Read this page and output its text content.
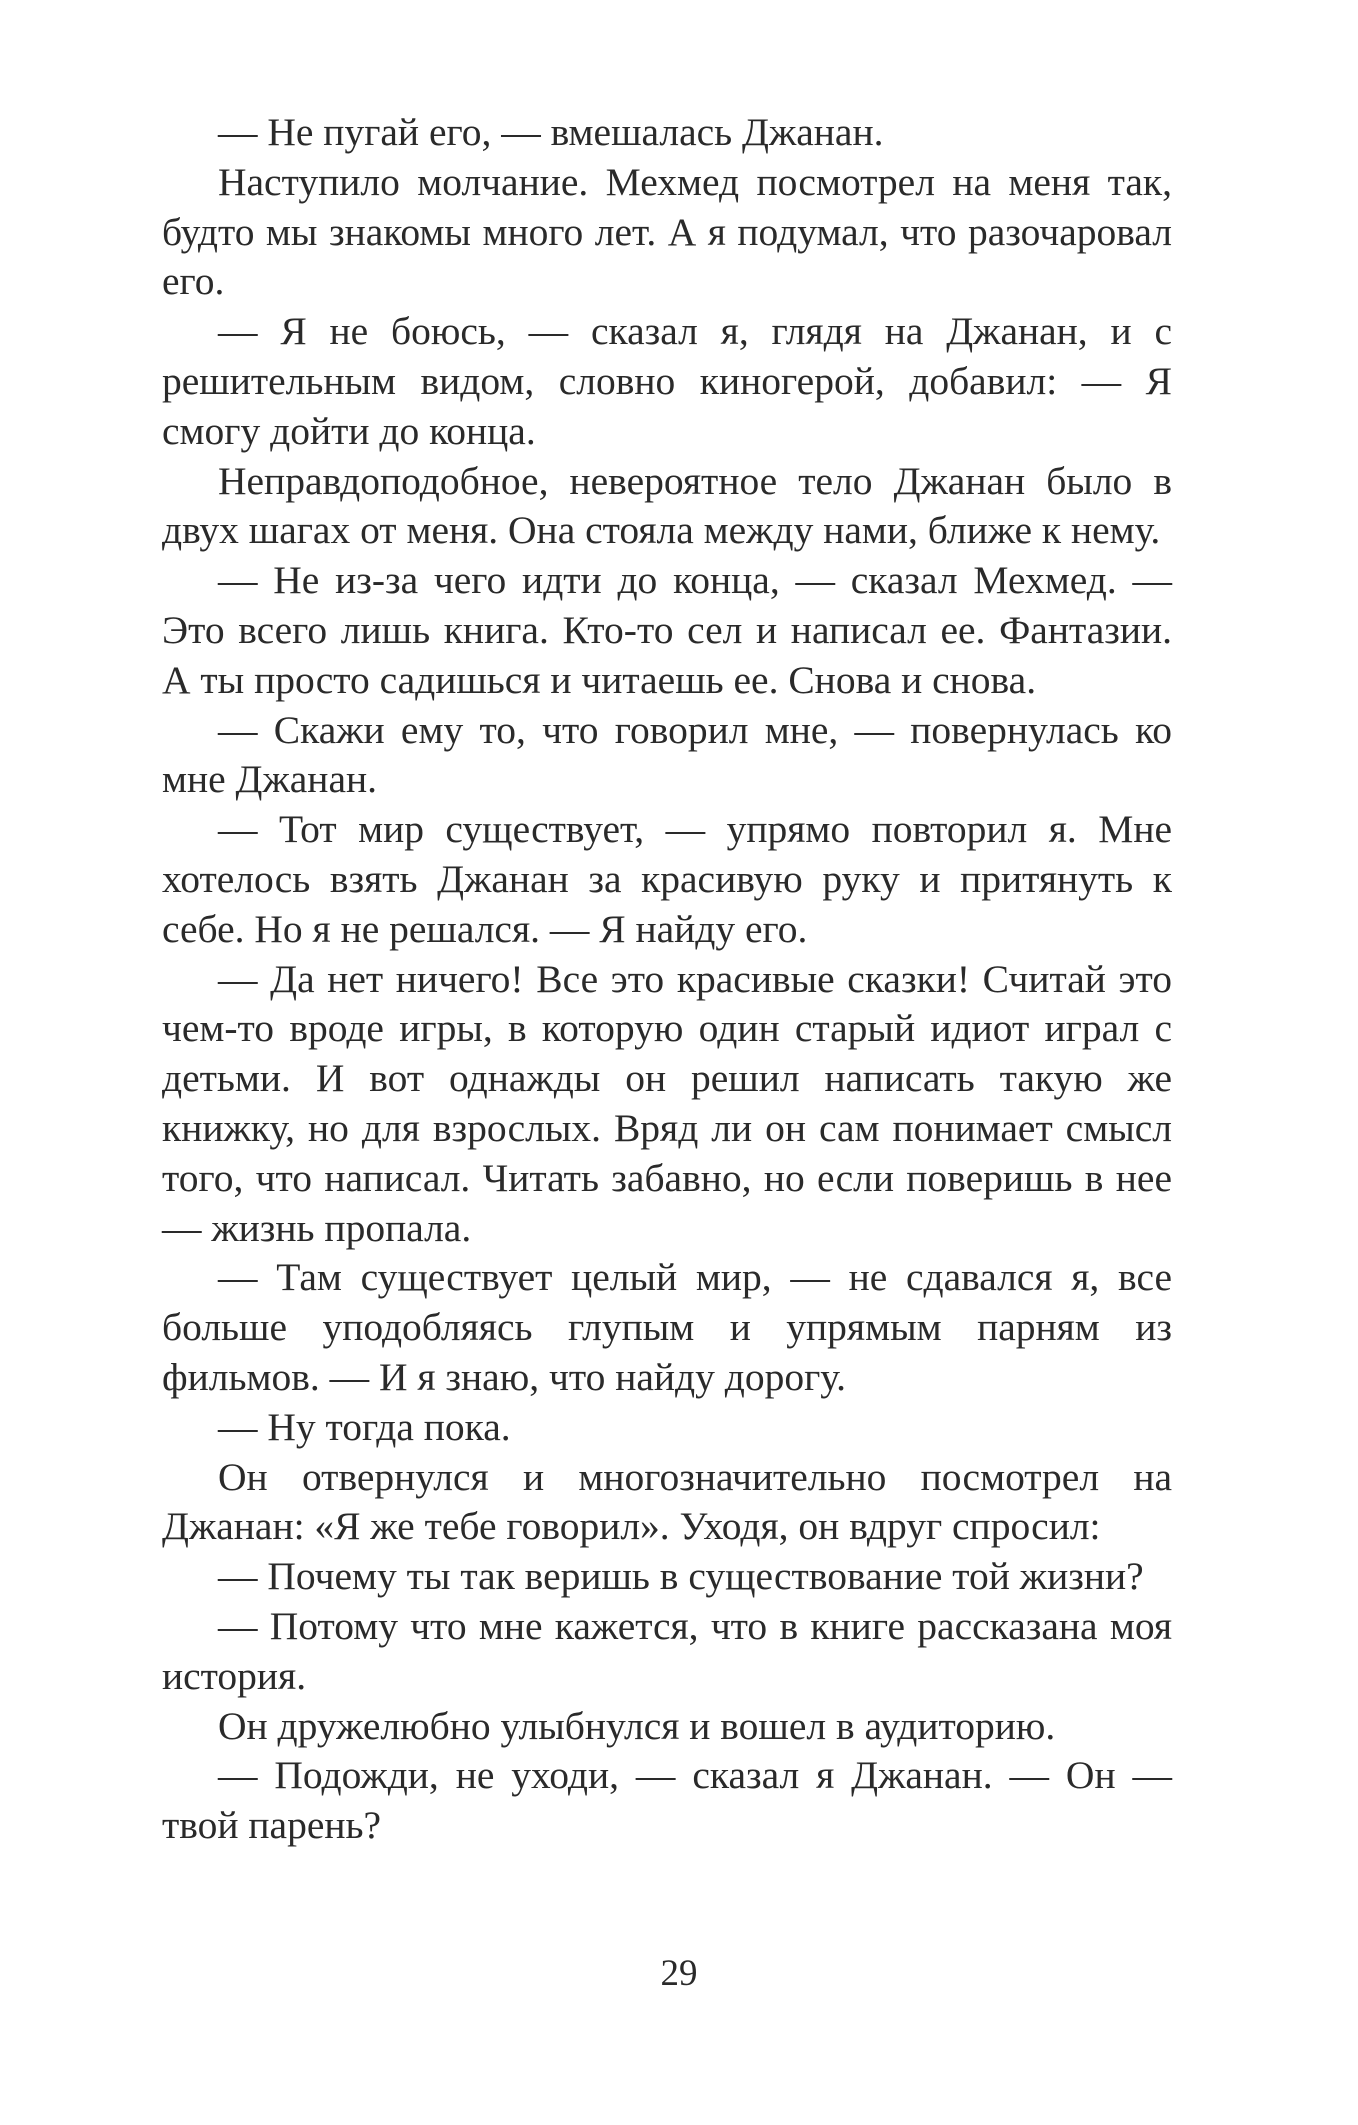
— Не пугай его, — вмешалась Джанан.

Наступило молчание. Мехмед посмотрел на меня так, будто мы знакомы много лет. А я подумал, что разочаровал его.

— Я не боюсь, — сказал я, глядя на Джанан, и с решительным видом, словно киногерой, добавил: — Я смогу дойти до конца.

Неправдоподобное, невероятное тело Джанан было в двух шагах от меня. Она стояла между нами, ближе к нему.

— Не из-за чего идти до конца, — сказал Мехмед. — Это всего лишь книга. Кто-то сел и написал ее. Фантазии. А ты просто садишься и читаешь ее. Снова и снова.

— Скажи ему то, что говорил мне, — повернулась ко мне Джанан.

— Тот мир существует, — упрямо повторил я. Мне хотелось взять Джанан за красивую руку и притянуть к себе. Но я не решался. — Я найду его.

— Да нет ничего! Все это красивые сказки! Считай это чем-то вроде игры, в которую один старый идиот играл с детьми. И вот однажды он решил написать такую же книжку, но для взрослых. Вряд ли он сам понимает смысл того, что написал. Читать забавно, но если поверишь в нее — жизнь пропала.

— Там существует целый мир, — не сдавался я, все больше уподобляясь глупым и упрямым парням из фильмов. — И я знаю, что найду дорогу.

— Ну тогда пока.

Он отвернулся и многозначительно посмотрел на Джанан: «Я же тебе говорил». Уходя, он вдруг спросил:

— Почему ты так веришь в существование той жизни?

— Потому что мне кажется, что в книге рассказана моя история.

Он дружелюбно улыбнулся и вошел в аудиторию.

— Подожди, не уходи, — сказал я Джанан. — Он — твой парень?

29
